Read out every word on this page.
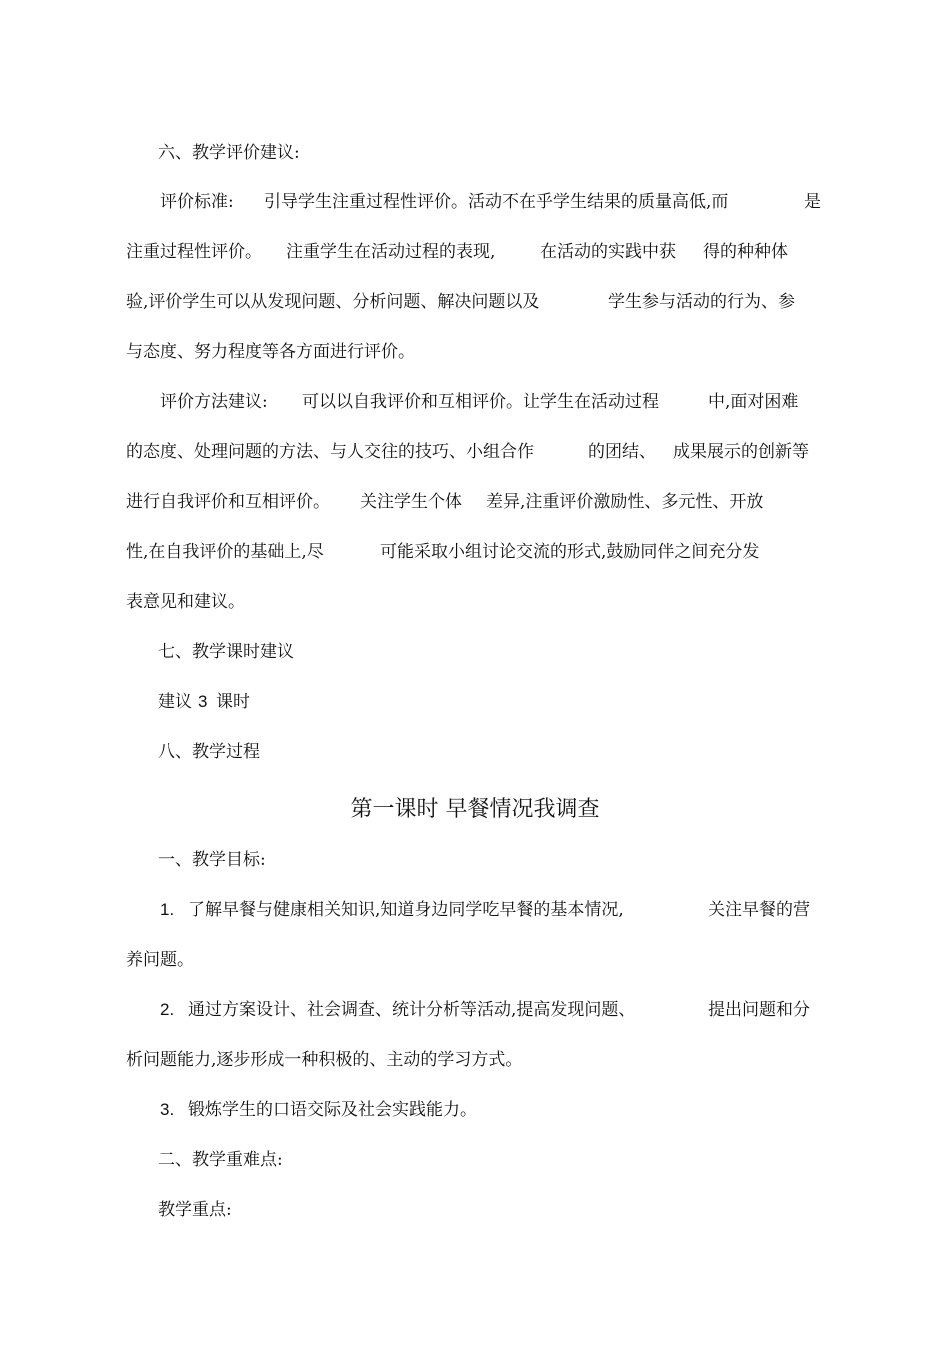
六、教学评价建议:

评价标准:

引导学生注重过程性评价。活动不在乎学生结果的质量高低,而

	是

注重过程性评价。

注重学生在活动过程的表现,

	在活动的实践中获

得的种种体

验,评价学生可以从发现问题、分析问题、解决问题以及

	学生参与活动的行为、参

与态度、努力程度等各方面进行评价。

评价方法建议:

可以以自我评价和互相评价。让学生在活动过程

	中,面对困难

的态度、处理问题的方法、与人交往的技巧、小组合作

	的团结、

成果展示的创新等

进行自我评价和互相评价。

关注学生个体

差异,注重评价激励性、多元性、开放

性,在自我评价的基础上,尽

	可能采取小组讨论交流的形式,鼓励同伴之间充分发

表意见和建议。

七、教学课时建议

建议

3

课时

八、教学过程

第一课时 早餐情况我调查

一、教学目标:

1.

了解早餐与健康相关知识,知道身边同学吃早餐的基本情况,

	关注早餐的营

养问题。

2.

通过方案设计、社会调查、统计分析等活动,提高发现问题、

	提出问题和分

析问题能力,逐步形成一种积极的、主动的学习方式。

3.

锻炼学生的口语交际及社会实践能力。

二、教学重难点:

教学重点:
